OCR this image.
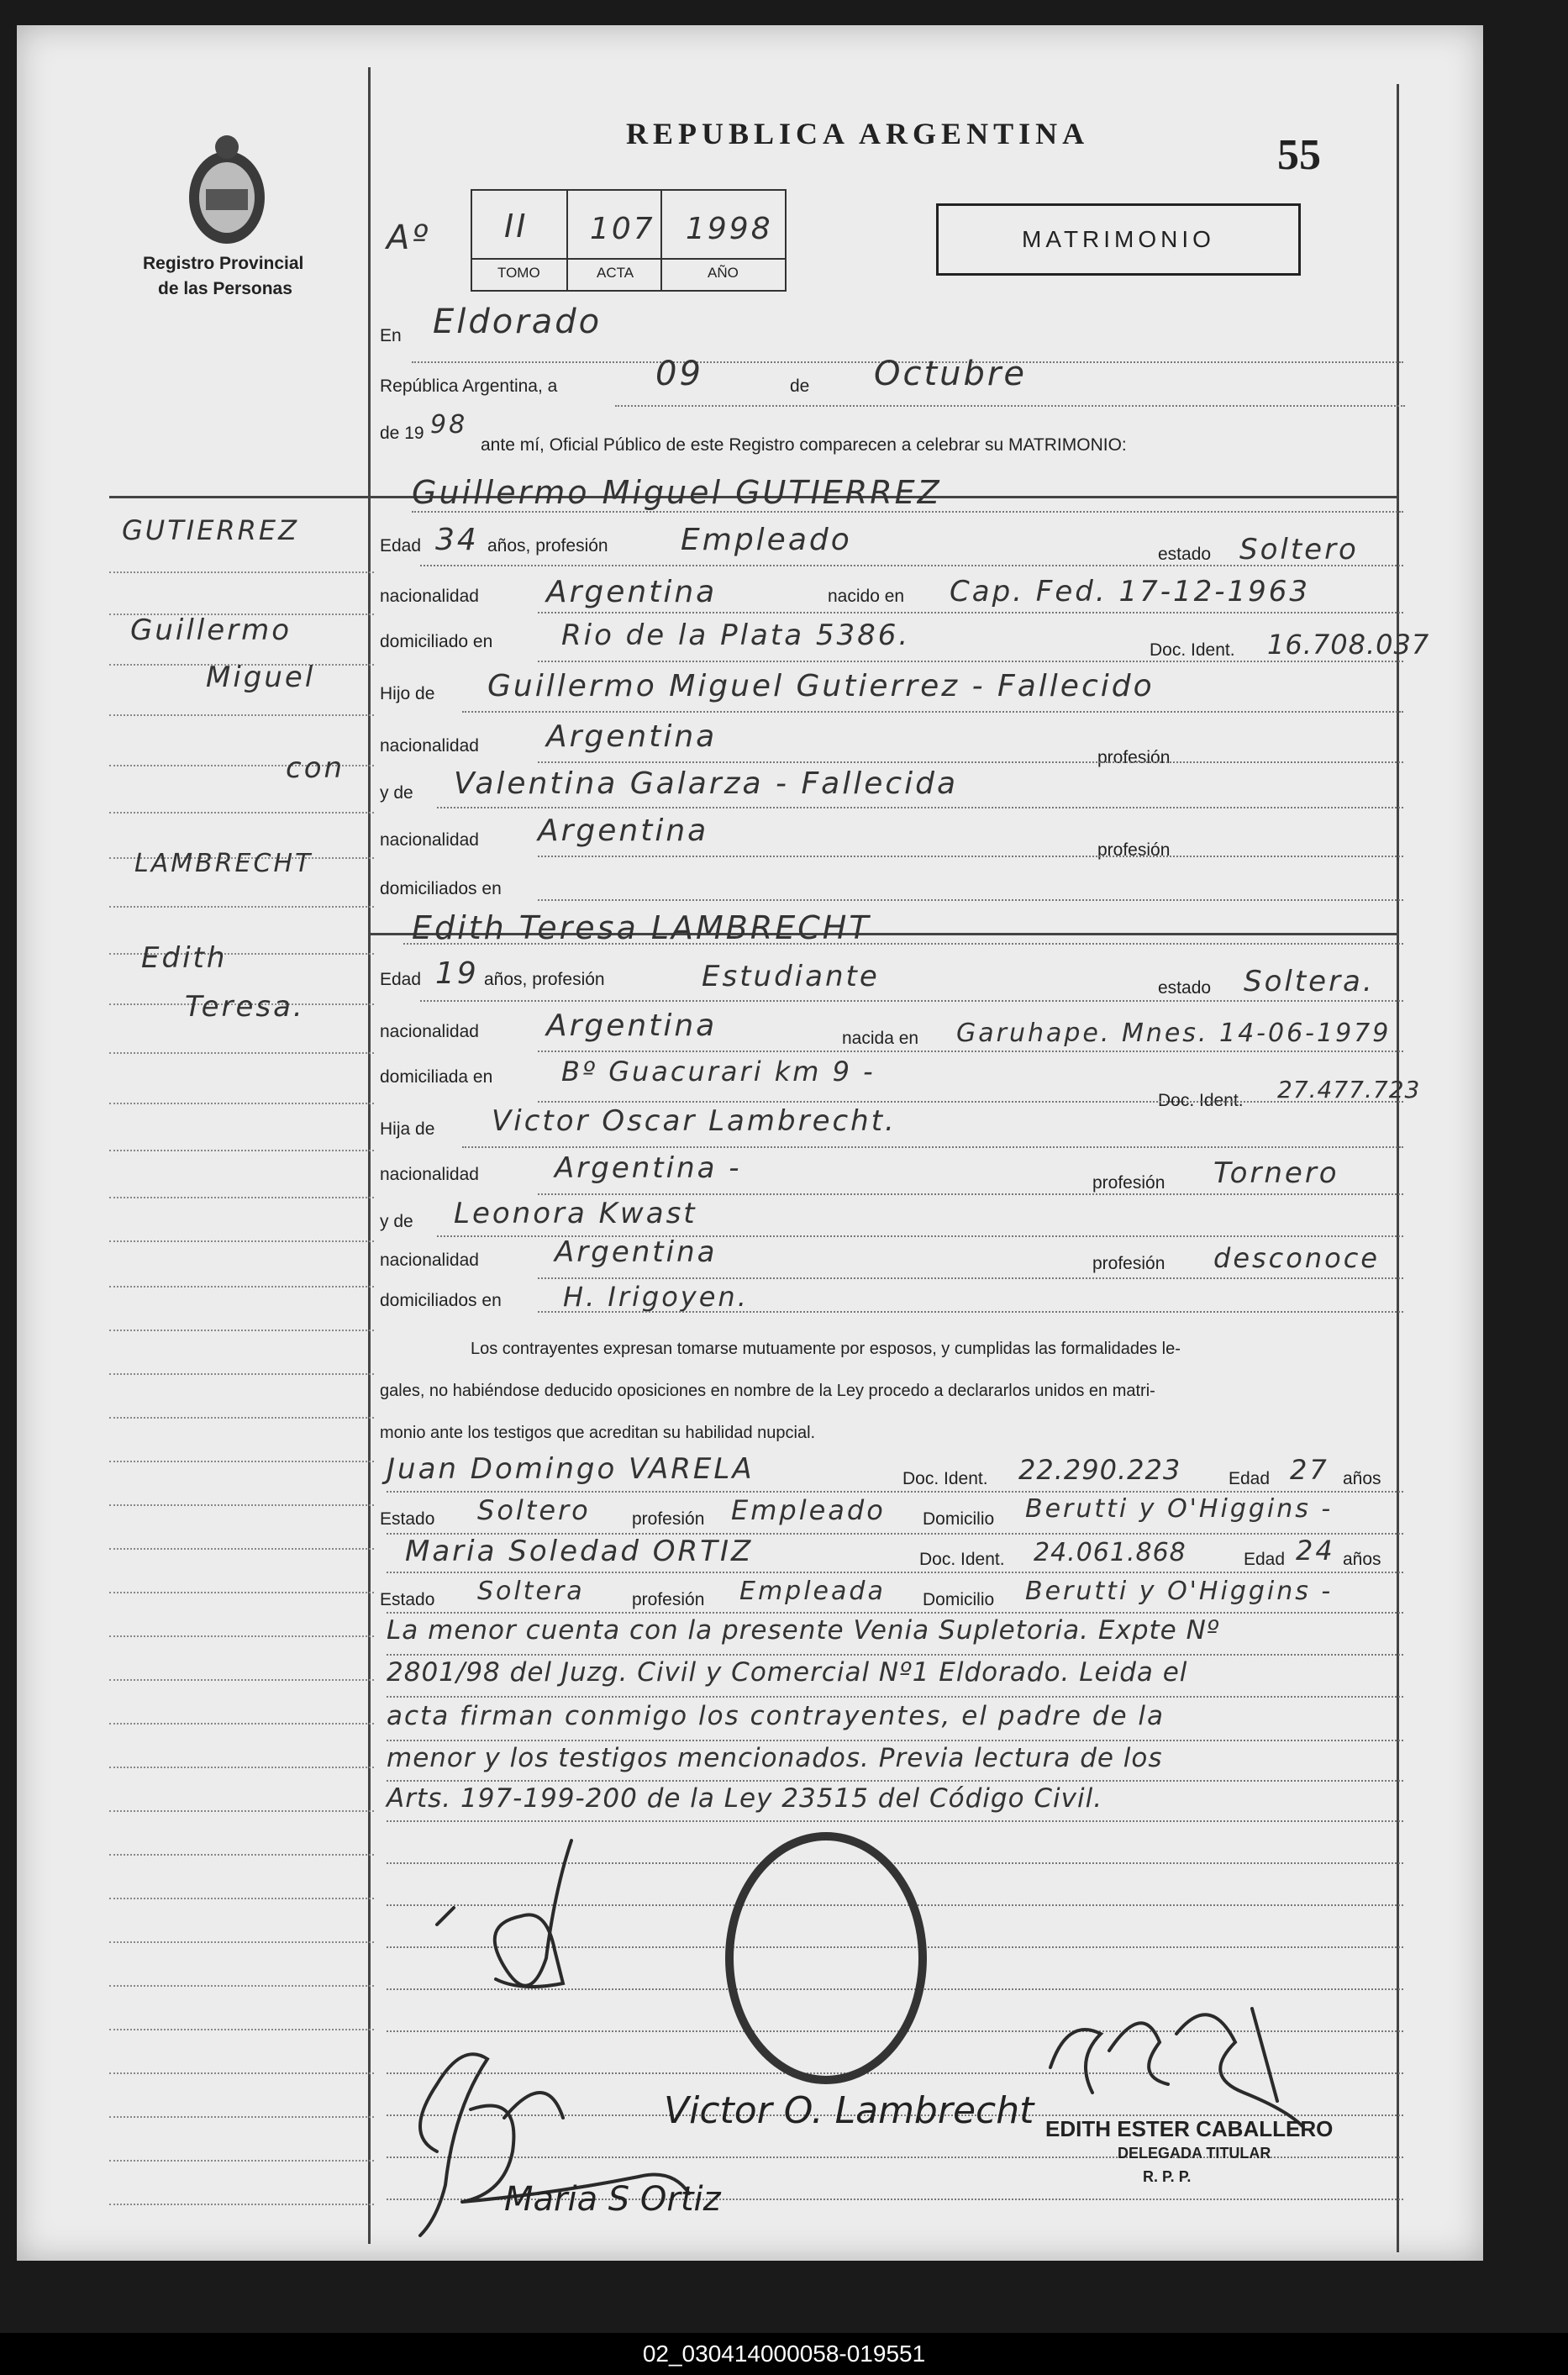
Registro Provincial
de las Personas
REPUBLICA ARGENTINA	55
Aº II 107 1998
TOMO	ACTA	AÑO
MATRIMONIO
En Eldorado
República Argentina, a	09	de Octubre
de 19 98
ante mí, Oficial Público de este Registro comparecen a celebrar su MATRIMONIO:
Guillermo Miguel GUTIERREZ
Edad 34 años, profesión Empleado	estado Soltero
nacionalidad Argentina	nacido en Cap. Fed. 17-12-1963
domiciliado en Rio de la Plata 5386.	Doc. Ident. 16.708.037
Hijo de Guillermo Miguel Gutierrez - Fallecido
nacionalidad Argentina
profesión
y de Valentina Galarza - Fallecida
nacionalidad Argentina
profesión
domiciliados en
Edith Teresa LAMBRECHT
Edad 19 años, profesión	Estudiante	estado Soltera.
nacionalidad Argentina	nacida en Garuhape. Mnes. 14-06-1979
domiciliada en	Bº Guacurari km 9 -
Doc. Ident. 27.477.723
Hija de Victor Oscar Lambrecht.
nacionalidad	Argentina -	profesión Tornero
y de Leonora Kwast
nacionalidad	Argentina	profesión desconoce
domiciliados en H. Irigoyen.
Los contrayentes expresan tomarse mutuamente por esposos, y cumplidas las formalidades le-
gales, no habiéndose deducido oposiciones en nombre de la Ley procedo a declararlos unidos en matri-
monio ante los testigos que acreditan su habilidad nupcial.
Juan Domingo VARELA	Doc. Ident. 22.290.223	Edad 27 años
Estado Soltero profesión Empleado Domicilio Berutti y O'Higgins -
Maria Soledad ORTIZ	Doc. Ident. 24.061.868	Edad 24 años
Estado Soltera	profesión Empleada Domicilio Berutti y O'Higgins -
La menor cuenta con la presente Venia Supletoria. Expte Nº
2801/98 del Juzg. Civil y Comercial Nº1 Eldorado. Leida el
acta firman conmigo los contrayentes, el padre de la
menor y los testigos mencionados. Previa lectura de los
Arts. 197-199-200 de la Ley 23515 del Código Civil.
GUTIERREZ
Guillermo
Miguel
con
LAMBRECHT
Edith
Teresa.
Victor O. Lambrecht
Maria S Ortiz
EDITH ESTER CABALLERO
DELEGADA TITULAR
R. P. P.
02_030414000058-019551
